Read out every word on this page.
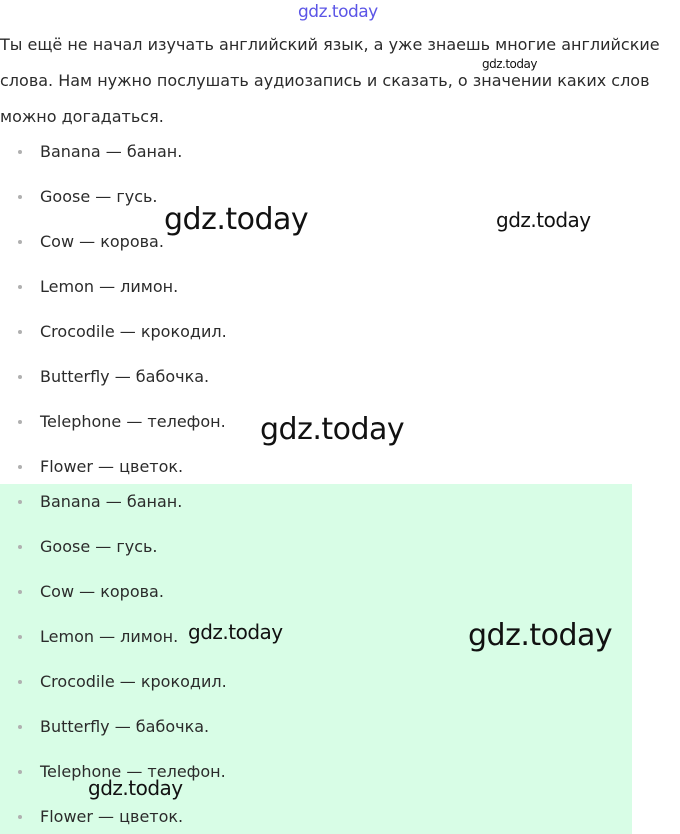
gdz.today

Ты ещё не начал изучать английский язык, а уже знаешь многие английские слова. Нам нужно послушать аудиозапись и сказать, о значении каких слов можно догадаться.

Banana — банан.
Goose — гусь.
Cow — корова.
Lemon — лимон.
Crocodile — крокодил.
Butterfly — бабочка.
Telephone — телефон.
Flower — цветок.
Banana — банан.
Goose — гусь.
Cow — корова.
Lemon — лимон.
Crocodile — крокодил.
Butterfly — бабочка.
Telephone — телефон.
Flower — цветок.
gdz.today
gdz.today	gdz.today
gdz.today
gdz.today	gdz.today
gdz.today
